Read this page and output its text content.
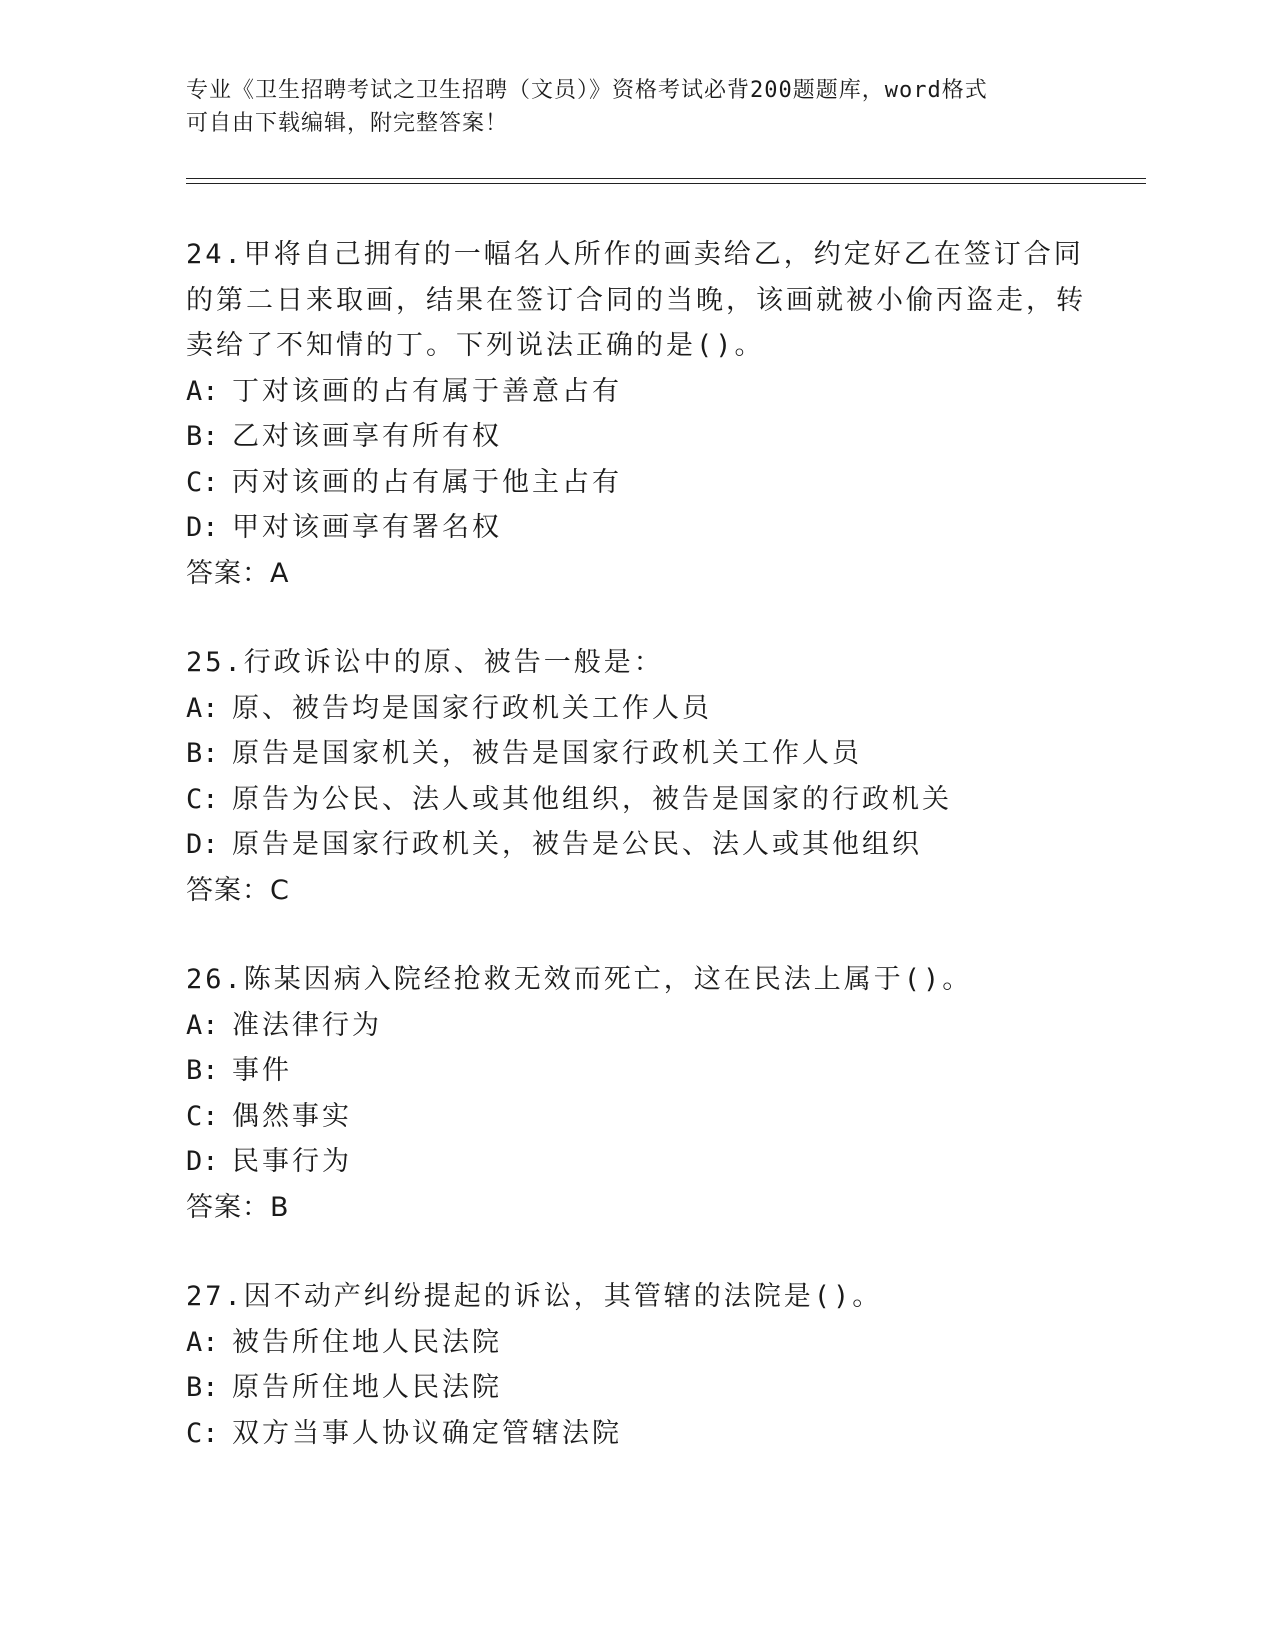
专业《卫生招聘考试之卫生招聘（文员）》资格考试必背200题题库，word格式
可自由下载编辑，附完整答案！
24.甲将自己拥有的一幅名人所作的画卖给乙，约定好乙在签订合同的第二日来取画，结果在签订合同的当晚，该画就被小偷丙盗走，转卖给了不知情的丁。下列说法正确的是()。
A: 丁对该画的占有属于善意占有
B: 乙对该画享有所有权
C: 丙对该画的占有属于他主占有
D: 甲对该画享有署名权
答案：A
25.行政诉讼中的原、被告一般是：
A: 原、被告均是国家行政机关工作人员
B: 原告是国家机关，被告是国家行政机关工作人员
C: 原告为公民、法人或其他组织，被告是国家的行政机关
D: 原告是国家行政机关，被告是公民、法人或其他组织
答案：C
26.陈某因病入院经抢救无效而死亡，这在民法上属于()。
A: 准法律行为
B: 事件
C: 偶然事实
D: 民事行为
答案：B
27.因不动产纠纷提起的诉讼，其管辖的法院是()。
A: 被告所住地人民法院
B: 原告所住地人民法院
C: 双方当事人协议确定管辖法院
